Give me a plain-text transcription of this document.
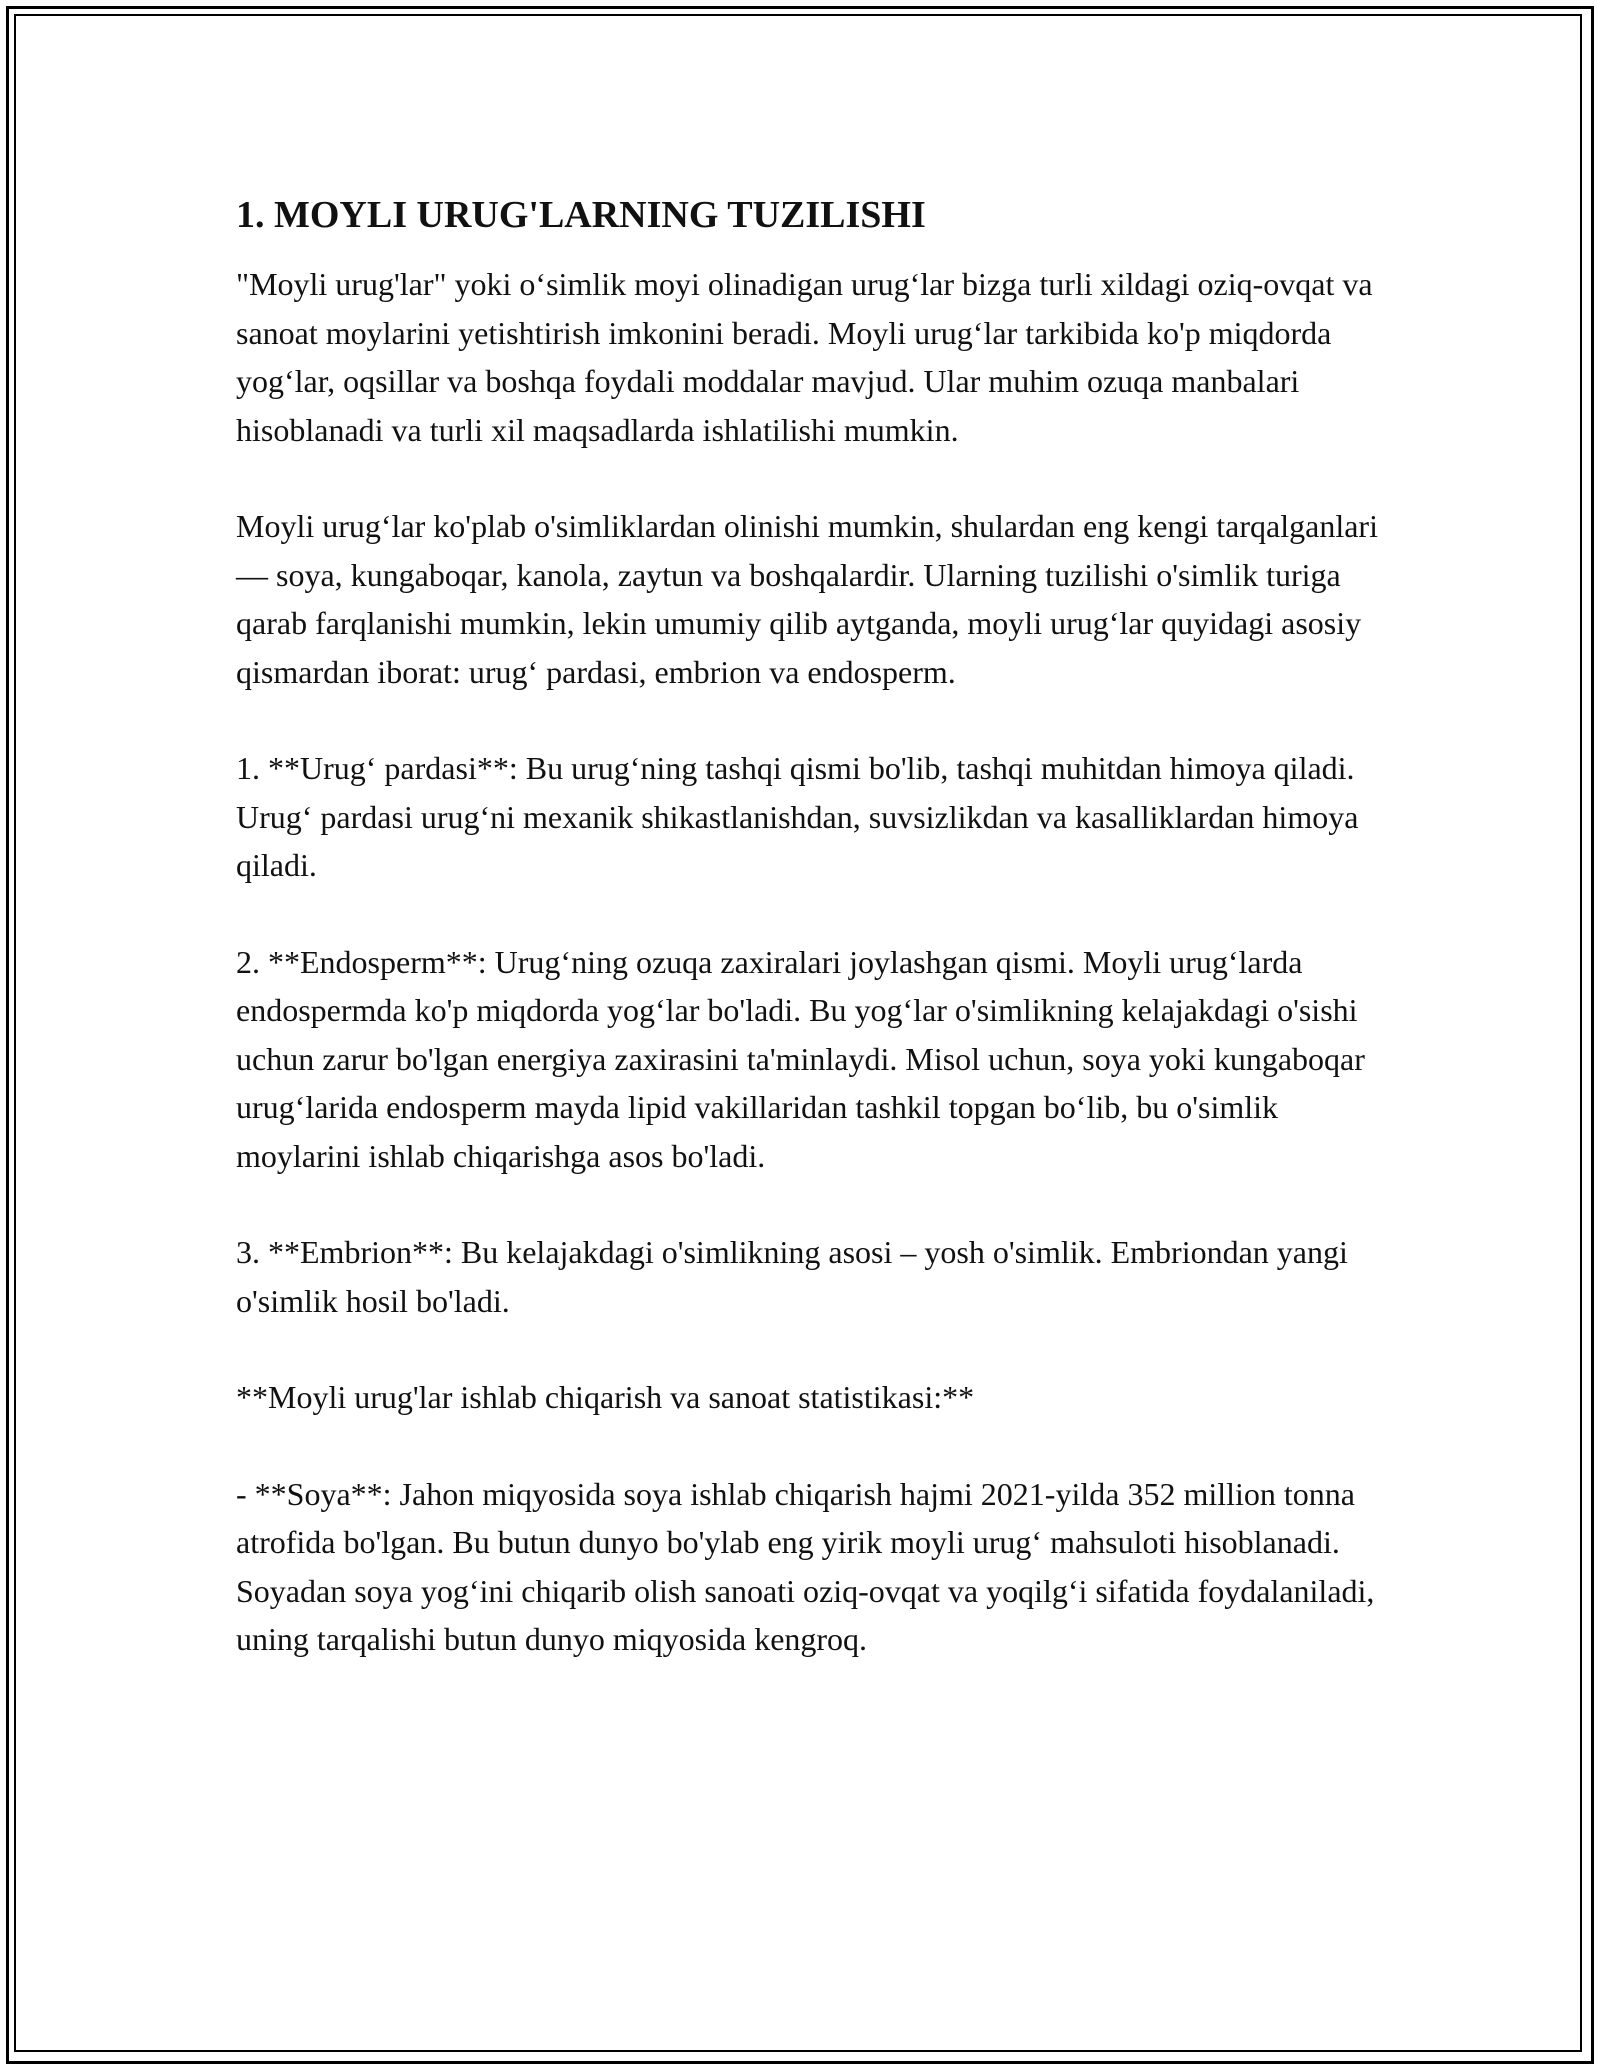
1. MOYLI URUG'LARNING TUZILISHI

"Moyli urug'lar" yoki o‘simlik moyi olinadigan urug‘lar bizga turli xildagi oziq-ovqat va sanoat moylarini yetishtirish imkonini beradi. Moyli urug‘lar tarkibida ko'p miqdorda yog‘lar, oqsillar va boshqa foydali moddalar mavjud. Ular muhim ozuqa manbalari hisoblanadi va turli xil maqsadlarda ishlatilishi mumkin.

Moyli urug‘lar ko'plab o'simliklardan olinishi mumkin, shulardan eng kengi tarqalganlari — soya, kungaboqar, kanola, zaytun va boshqalardir. Ularning tuzilishi o'simlik turiga qarab farqlanishi mumkin, lekin umumiy qilib aytganda, moyli urug‘lar quyidagi asosiy qismardan iborat: urug‘ pardasi, embrion va endosperm.

1. **Urug‘ pardasi**: Bu urug‘ning tashqi qismi bo'lib, tashqi muhitdan himoya qiladi. Urug‘ pardasi urug‘ni mexanik shikastlanishdan, suvsizlikdan va kasalliklardan himoya qiladi.

2. **Endosperm**: Urug‘ning ozuqa zaxiralari joylashgan qismi. Moyli urug‘larda endospermda ko'p miqdorda yog‘lar bo'ladi. Bu yog‘lar o'simlikning kelajakdagi o'sishi uchun zarur bo'lgan energiya zaxirasini ta'minlaydi. Misol uchun, soya yoki kungaboqar urug‘larida endosperm mayda lipid vakillaridan tashkil topgan bo‘lib, bu o'simlik moylarini ishlab chiqarishga asos bo'ladi.

3. **Embrion**: Bu kelajakdagi o'simlikning asosi – yosh o'simlik. Embriondan yangi o'simlik hosil bo'ladi.

**Moyli urug'lar ishlab chiqarish va sanoat statistikasi:**

- **Soya**: Jahon miqyosida soya ishlab chiqarish hajmi 2021-yilda 352 million tonna atrofida bo'lgan. Bu butun dunyo bo'ylab eng yirik moyli urug‘ mahsuloti hisoblanadi. Soyadan soya yog‘ini chiqarib olish sanoati oziq-ovqat va yoqilg‘i sifatida foydalaniladi, uning tarqalishi butun dunyo miqyosida kengroq.
